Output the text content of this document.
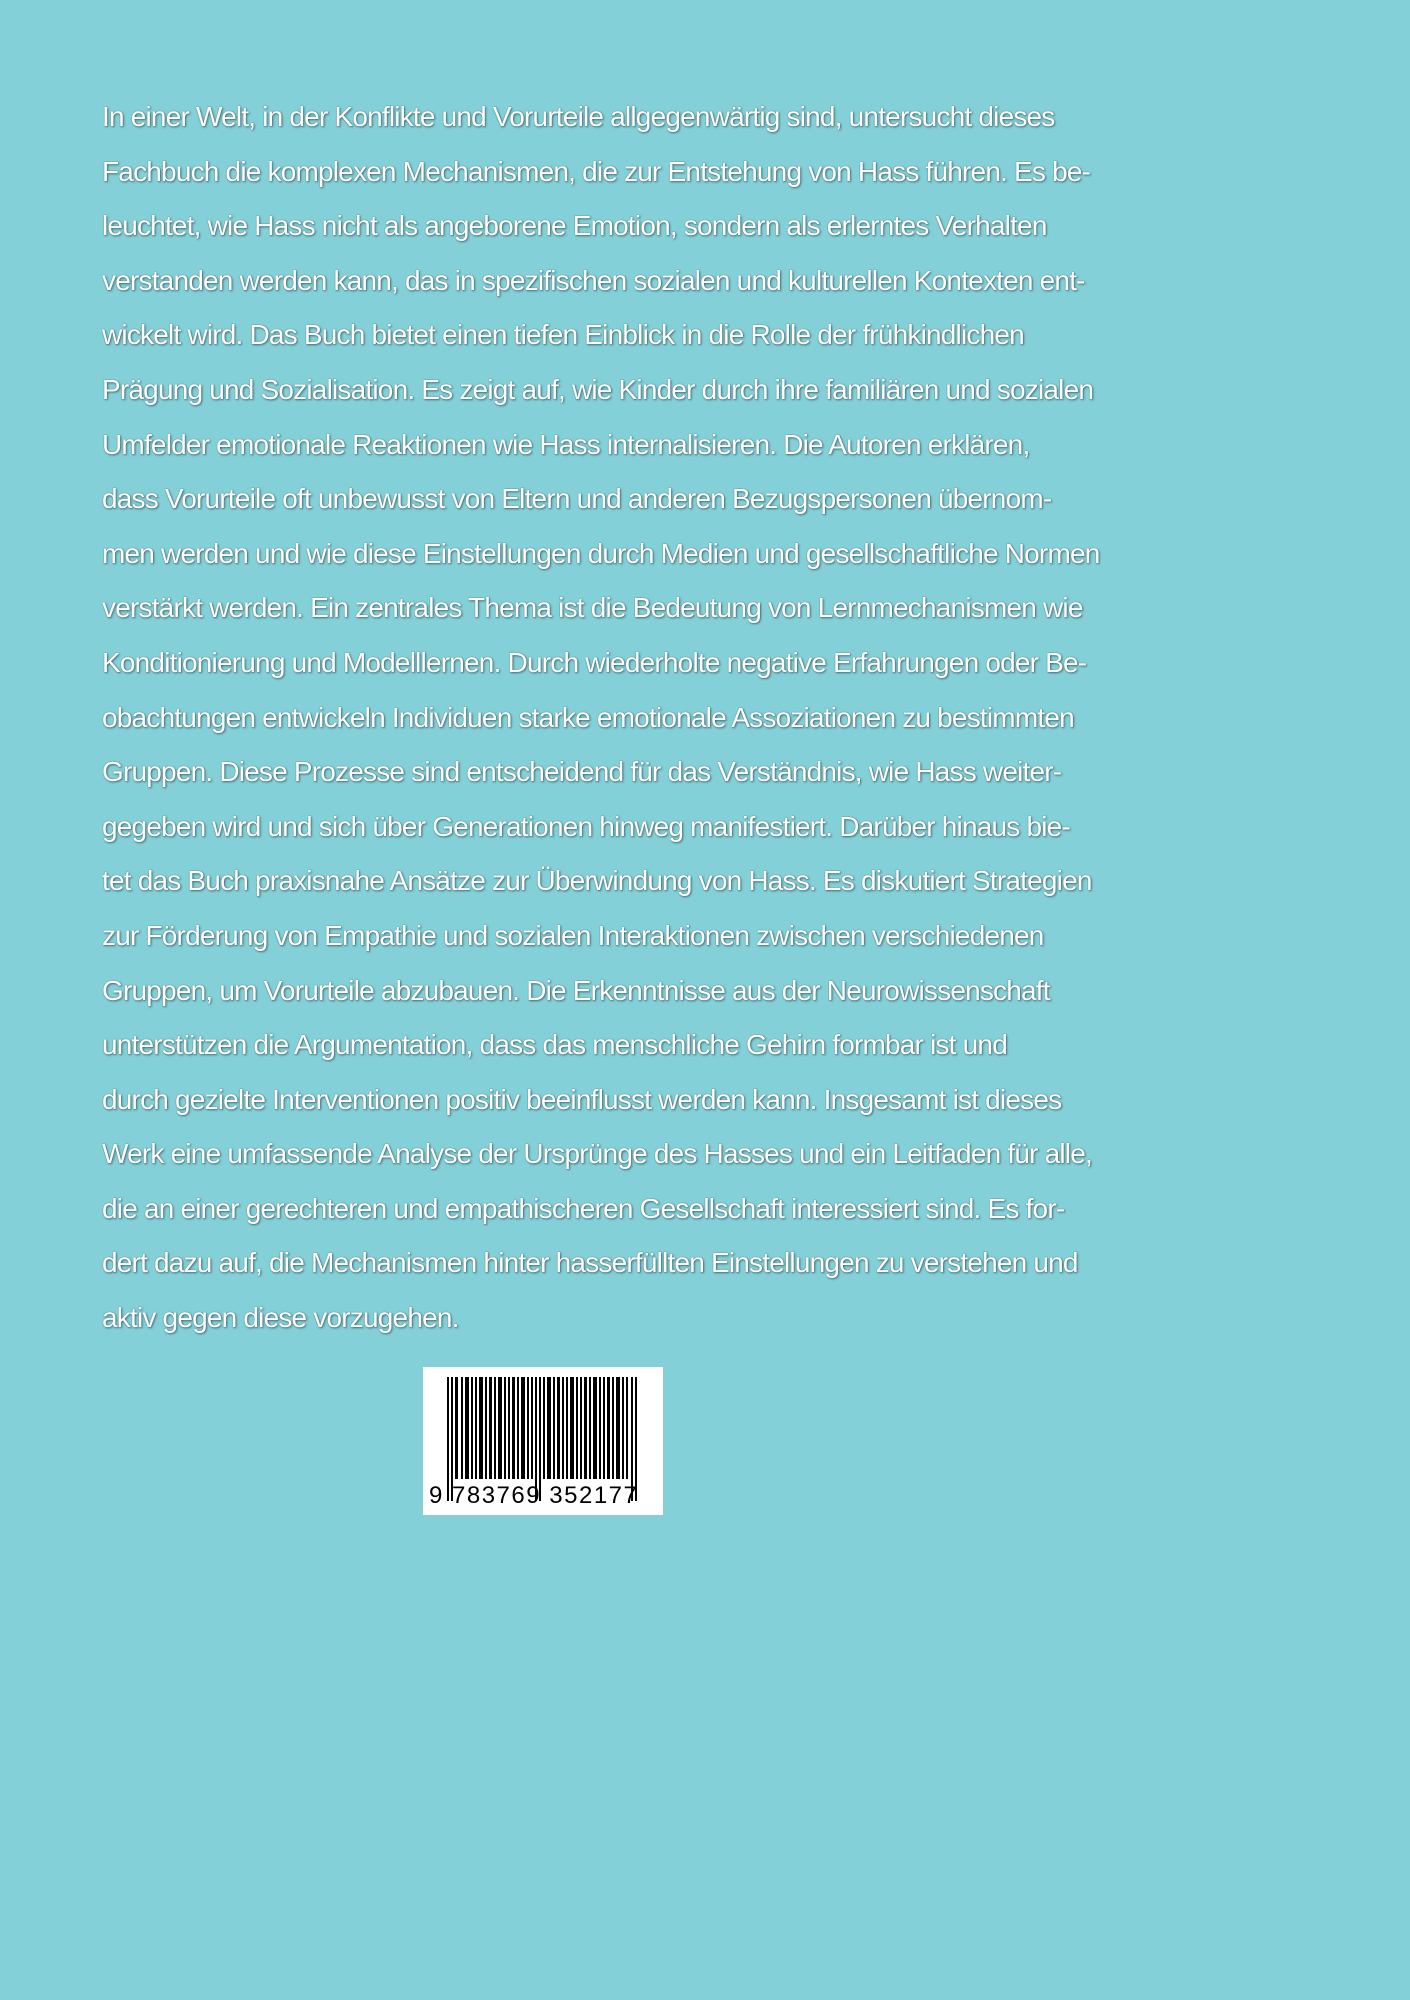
In einer Welt, in der Konflikte und Vorurteile allgegenwärtig sind, untersucht dieses
Fachbuch die komplexen Mechanismen, die zur Entstehung von Hass führen. Es be-
leuchtet, wie Hass nicht als angeborene Emotion, sondern als erlerntes Verhalten
verstanden werden kann, das in spezifischen sozialen und kulturellen Kontexten ent-
wickelt wird. Das Buch bietet einen tiefen Einblick in die Rolle der frühkindlichen
Prägung und Sozialisation. Es zeigt auf, wie Kinder durch ihre familiären und sozialen
Umfelder emotionale Reaktionen wie Hass internalisieren. Die Autoren erklären,
dass Vorurteile oft unbewusst von Eltern und anderen Bezugspersonen übernom-
men werden und wie diese Einstellungen durch Medien und gesellschaftliche Normen
verstärkt werden. Ein zentrales Thema ist die Bedeutung von Lernmechanismen wie
Konditionierung und Modelllernen. Durch wiederholte negative Erfahrungen oder Be-
obachtungen entwickeln Individuen starke emotionale Assoziationen zu bestimmten
Gruppen. Diese Prozesse sind entscheidend für das Verständnis, wie Hass weiter-
gegeben wird und sich über Generationen hinweg manifestiert. Darüber hinaus bie-
tet das Buch praxisnahe Ansätze zur Überwindung von Hass. Es diskutiert Strategien
zur Förderung von Empathie und sozialen Interaktionen zwischen verschiedenen
Gruppen, um Vorurteile abzubauen. Die Erkenntnisse aus der Neurowissenschaft
unterstützen die Argumentation, dass das menschliche Gehirn formbar ist und
durch gezielte Interventionen positiv beeinflusst werden kann. Insgesamt ist dieses
Werk eine umfassende Analyse der Ursprünge des Hasses und ein Leitfaden für alle,
die an einer gerechteren und empathischeren Gesellschaft interessiert sind. Es for-
dert dazu auf, die Mechanismen hinter hasserfüllten Einstellungen zu verstehen und
aktiv gegen diese vorzugehen.
9 783769 352177
